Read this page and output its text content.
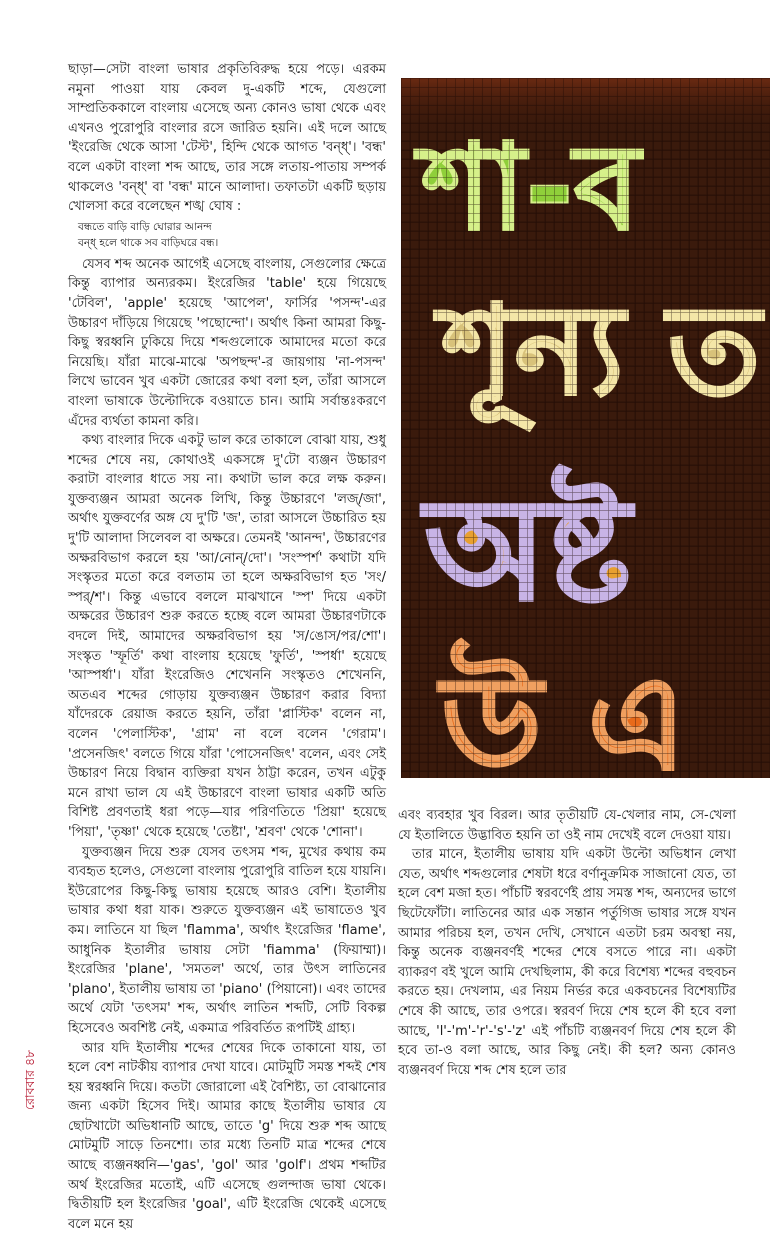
ছাড়া—সেটা বাংলা ভাষার প্রকৃতিবিরুদ্ধ হয়ে পড়ে। এরকম নমুনা পাওয়া যায় কেবল দু-একটি শব্দে, যেগুলো সাম্প্রতিককালে বাংলায় এসেছে অন্য কোনও ভাষা থেকে এবং এখনও পুরোপুরি বাংলার রসে জারিত হয়নি। এই দলে আছে 'ইংরেজি থেকে আসা 'টেস্ট', হিন্দি থেকে আগত 'বন্ধ্'। 'বন্ধ' বলে একটা বাংলা শব্দ আছে, তার সঙ্গে লতায়-পাতায় সম্পর্ক থাকলেও 'বন্ধ্' বা 'বন্ধ' মানে আলাদা। তফাতটা একটি ছড়ায় খোলসা করে বলেছেন শঙ্খ ঘোষ :

বন্ধতে বাড়ি বাড়ি ঘোরার আনন্দ
বন্ধ্ হলে থাকে সব বাড়িঘরে বন্ধ।

যেসব শব্দ অনেক আগেই এসেছে বাংলায়, সেগুলোর ক্ষেত্রে কিন্তু ব্যাপার অন্যরকম। ইংরেজির 'table' হয়ে গিয়েছে 'টেবিল', 'apple' হয়েছে 'আপেল', ফার্সির 'পসন্দ'-এর উচ্চারণ দাঁড়িয়ে গিয়েছে 'পছোন্দো'। অর্থাৎ কিনা আমরা কিছু-কিছু স্বরধ্বনি ঢুকিয়ে দিয়ে শব্দগুলোকে আমাদের মতো করে নিয়েছি। যাঁরা মাঝে-মাঝে 'অপছন্দ'-র জায়গায় 'না-পসন্দ' লিখে ভাবেন খুব একটা জোরের কথা বলা হল, তাঁরা আসলে বাংলা ভাষাকে উল্টোদিকে বওয়াতে চান। আমি সর্বান্তঃকরণে এঁদের ব্যর্থতা কামনা করি।

কথ্য বাংলার দিকে একটু ভাল করে তাকালে বোঝা যায়, শুধু শব্দের শেষে নয়, কোথাওই একসঙ্গে দু'টো ব্যঞ্জন উচ্চারণ করাটা বাংলার ধাতে সয় না। কথাটা ভাল করে লক্ষ করুন। যুক্তব্যঞ্জন আমরা অনেক লিখি, কিন্তু উচ্চারণে 'লজ্/জা', অর্থাৎ যুক্তবর্ণের অঙ্গ যে দু'টি 'জ', তারা আসলে উচ্চারিত হয় দু'টি আলাদা সিলেবল বা অক্ষরে। তেমনই 'আনন্দ', উচ্চারণের অক্ষরবিভাগ করলে হয় 'আ/নোন্/দো'। 'সংস্পর্শ' কথাটা যদি সংস্কৃতর মতো করে বলতাম তা হলে অক্ষরবিভাগ হত 'সং/স্পর্/শ'। কিন্তু এভাবে বললে মাঝখানে 'স্প' দিয়ে একটা অক্ষরের উচ্চারণ শুরু করতে হচ্ছে বলে আমরা উচ্চারণটাকে বদলে দিই, আমাদের অক্ষরবিভাগ হয় 'স/ঙোস/পর/শো'। সংস্কৃত 'স্ফূর্তি' কথা বাংলায় হয়েছে 'ফুর্তি', 'স্পর্ধা' হয়েছে 'আস্পর্ধা'। যাঁরা ইংরেজিও শেখেননি সংস্কৃতও শেখেননি, অতএব শব্দের গোড়ায় যুক্তব্যঞ্জন উচ্চারণ করার বিদ্যা যাঁদেরকে রেয়াজ করতে হয়নি, তাঁরা 'প্লাস্টিক' বলেন না, বলেন 'পেলাস্টিক', 'গ্রাম' না বলে বলেন 'গেরাম'। 'প্রসেনজিৎ' বলতে গিয়ে যাঁরা 'পোসেনজিৎ' বলেন, এবং সেই উচ্চারণ নিয়ে বিদ্বান ব্যক্তিরা যখন ঠাট্টা করেন, তখন এটুকু মনে রাখা ভাল যে এই উচ্চারণে বাংলা ভাষার একটি অতি বিশিষ্ট প্রবণতাই ধরা পড়ে—যার পরিণতিতে 'প্রিয়া' হয়েছে 'পিয়া', 'তৃষ্ণা' থেকে হয়েছে 'তেষ্টা', 'শ্রবণ' থেকে 'শোনা'।

যুক্তব্যঞ্জন দিয়ে শুরু যেসব তৎসম শব্দ, মুখের কথায় কম ব্যবহৃত হলেও, সেগুলো বাংলায় পুরোপুরি বাতিল হয়ে যায়নি। ইউরোপের কিছু-কিছু ভাষায় হয়েছে আরও বেশি। ইতালীয় ভাষার কথা ধরা যাক। শুরুতে যুক্তব্যঞ্জন এই ভাষাতেও খুব কম। লাতিনে যা ছিল 'flamma', অর্থাৎ ইংরেজির 'flame', আধুনিক ইতালীর ভাষায় সেটা 'fiamma' (ফিয়াম্মা)। ইংরেজির 'plane', 'সমতল' অর্থে, তার উৎস লাতিনের 'plano', ইতালীয় ভাষায় তা 'piano' (পিয়ানো)। এবং তাদের অর্থে যেটা 'তৎসম' শব্দ, অর্থাৎ লাতিন শব্দটি, সেটি বিকল্প হিসেবেও অবশিষ্ট নেই, একমাত্র পরিবর্তিত রূপটিই গ্রাহ্য।

আর যদি ইতালীয় শব্দের শেষের দিকে তাকানো যায়, তা হলে বেশ নাটকীয় ব্যাপার দেখা যাবে। মোটমুটি সমস্ত শব্দই শেষ হয় স্বরধ্বনি দিয়ে। কতটা জোরালো এই বৈশিষ্ট্য, তা বোঝানোর জন্য একটা হিসেব দিই। আমার কাছে ইতালীয় ভাষার যে ছোটখাটো অভিধানটি আছে, তাতে 'g' দিয়ে শুরু শব্দ আছে মোটমুটি সাড়ে তিনশো। তার মধ্যে তিনটি মাত্র শব্দের শেষে আছে ব্যঞ্জনধ্বনি—'gas', 'gol' আর 'golf'। প্রথম শব্দটির অর্থ ইংরেজির মতোই, এটি এসেছে গুলন্দাজ ভাষা থেকে। দ্বিতীয়টি হল ইংরেজির 'goal', এটি ইংরেজি থেকেই এসেছে বলে মনে হয়

এবং ব্যবহার খুব বিরল। আর তৃতীয়টি যে-খেলার নাম, সে-খেলা যে ইতালিতে উদ্ভাবিত হয়নি তা ওই নাম দেখেই বলে দেওয়া যায়।

তার মানে, ইতালীয় ভাষায় যদি একটা উল্টো অভিধান লেখা যেত, অর্থাৎ শব্দগুলোর শেষটা ধরে বর্ণানুক্রমিক সাজানো যেত, তা হলে বেশ মজা হত। পাঁচটি স্বরবর্ণেই প্রায় সমস্ত শব্দ, অন্যদের ভাগে ছিটেফোঁটা। লাতিনের আর এক সন্তান পর্তুগিজ ভাষার সঙ্গে যখন আমার পরিচয় হল, তখন দেখি, সেখানে এতটা চরম অবস্থা নয়, কিন্তু অনেক ব্যঞ্জনবর্ণই শব্দের শেষে বসতে পারে না। একটা ব্যাকরণ বই খুলে আমি দেখছিলাম, কী করে বিশেষ্য শব্দের বহুবচন করতে হয়। দেখলাম, এর নিয়ম নির্ভর করে একবচনের বিশেষ্যটির শেষে কী আছে, তার ওপরে। স্বরবর্ণ দিয়ে শেষ হলে কী হবে বলা আছে, 'l'-'m'-'r'-'s'-'z' এই পাঁচটি ব্যঞ্জনবর্ণ দিয়ে শেষ হলে কী হবে তা-ও বলা আছে, আর কিছু নেই। কী হল? অন্য কোনও ব্যঞ্জনবর্ণ দিয়ে শব্দ শেষ হলে তার

রোববার ৪৮
